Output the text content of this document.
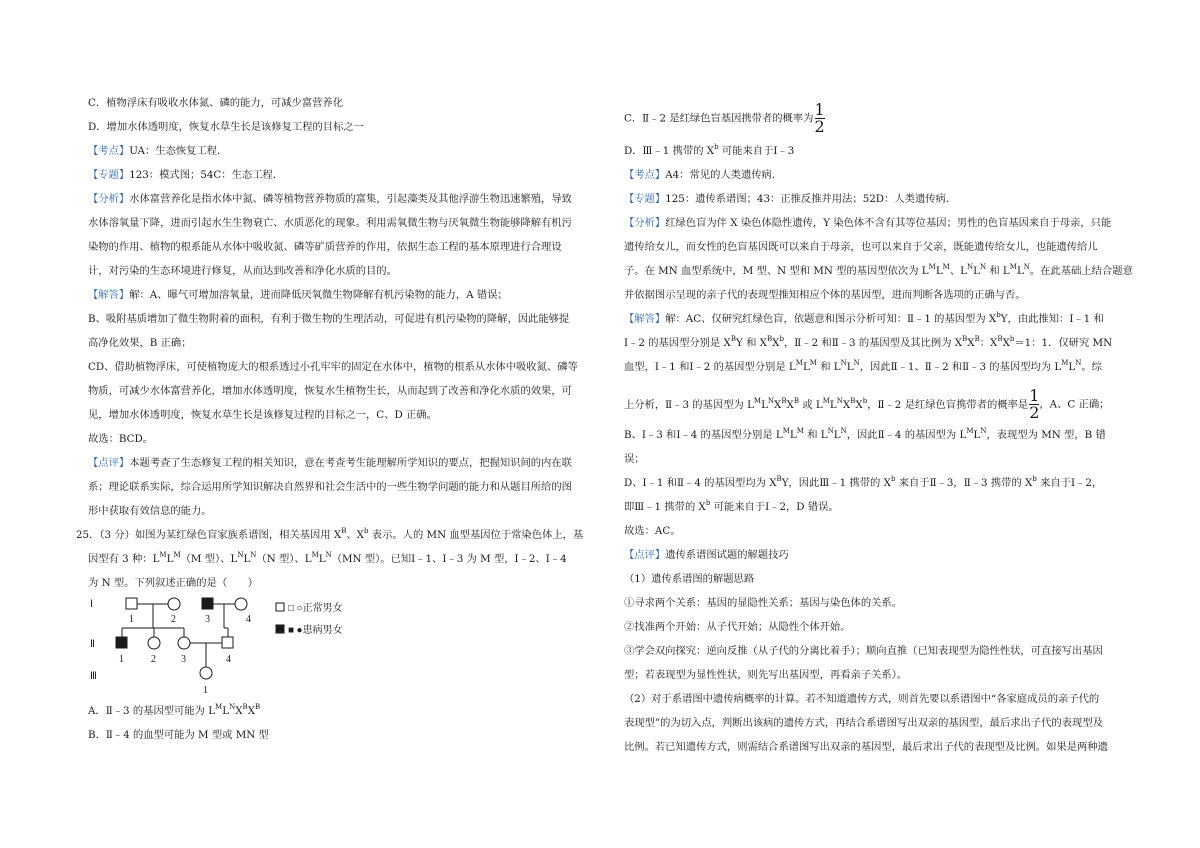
C．植物浮床有吸收水体氮、磷的能力，可减少富营养化
D．增加水体透明度，恢复水草生长是该修复工程的目标之一
【考点】UA：生态恢复工程．
【专题】123：模式图；54C：生态工程．
【分析】水体富营养化是指水体中氮、磷等植物营养物质的富集，引起藻类及其他浮游生物迅速繁殖，导致
水体溶氧量下降，进而引起水生生物衰亡、水质恶化的现象。利用需氧微生物与厌氧微生物能够降解有机污
染物的作用、植物的根系能从水体中吸收氮、磷等矿质营养的作用，依据生态工程的基本原理进行合理设
计，对污染的生态环境进行修复，从而达到改善和净化水质的目的。
【解答】解：A、曝气可增加溶氧量，进而降低厌氧微生物降解有机污染物的能力，A 错误；
B、吸附基质增加了微生物附着的面积，有利于微生物的生理活动，可促进有机污染物的降解，因此能够提
高净化效果，B 正确；
CD、借助植物浮床，可使植物庞大的根系透过小孔牢牢的固定在水体中，植物的根系从水体中吸收氮、磷等
物质，可减少水体富营养化，增加水体透明度，恢复水生植物生长，从而起到了改善和净化水质的效果，可
见，增加水体透明度，恢复水草生长是该修复过程的目标之一，C、D 正确。
故选：BCD。
【点评】本题考查了生态修复工程的相关知识，意在考查考生能理解所学知识的要点，把握知识间的内在联
系；理论联系实际，综合运用所学知识解决自然界和社会生活中的一些生物学问题的能力和从题目所给的图
形中获取有效信息的能力。
25．（3 分）如图为某红绿色盲家族系谱图，相关基因用 $X^B$、$X^b$ 表示。人的 MN 血型基因位于常染色体上，基
因型有 3 种：$L^ML^M(M$ 型）、$L^NL^N(N$ 型）、$L^ML^N(MN$ 型）。已知Ⅰ﹣1、Ⅰ﹣3 为 M 型，Ⅰ﹣2、Ⅰ﹣4
为 N 型。下列叙述正确的是（　　）
A．Ⅱ﹣3 的基因型可能为 $L^ML^NX^BX^B$
B．Ⅱ﹣4 的血型可能为 M 型或 MN 型
Ⅰ
Ⅱ
Ⅲ
1	2	3	4
1	2	3	4
1
□ ○正常男女
■ ●患病男女
C．Ⅱ﹣2 是红绿色盲基因携带者的概率为 $\frac{1}{2}$
D．Ⅲ﹣1 携带的 $X^b$ 可能来自于Ⅰ﹣3
【考点】A4：常见的人类遗传病．
【专题】125：遗传系谱图；43：正推反推并用法；52D：人类遗传病．
【分析】红绿色盲为伴 X 染色体隐性遗传，Y 染色体不含有其等位基因；男性的色盲基因来自于母亲，只能
遗传给女儿，而女性的色盲基因既可以来自于母亲，也可以来自于父亲，既能遗传给女儿，也能遗传给儿
子。在 MN 血型系统中，M 型、N 型和 MN 型的基因型依次为 $L^ML^M$、$L^NL^N$ 和 $L^ML^N$。在此基础上结合题意
并依据图示呈现的亲子代的表现型推知相应个体的基因型，进而判断各选项的正确与否。
【解答】解：AC、仅研究红绿色盲，依题意和图示分析可知：Ⅱ﹣1 的基因型为 $X^bY$，由此推知：Ⅰ﹣1 和
Ⅰ﹣2 的基因型分别是 $X^BY$ 和 $X^BX^b$，Ⅱ﹣2 和Ⅱ﹣3 的基因型及其比例为 $X^BX^B$：$X^BX^b=1$：1．仅研究 MN
血型，Ⅰ﹣1 和Ⅰ﹣2 的基因型分别是 $L^ML^M$ 和 $L^NL^N$，因此Ⅱ﹣1、Ⅱ﹣2 和Ⅱ﹣3 的基因型均为 $L^ML^N$。综
上分析，Ⅱ﹣3 的基因型为 $L^ML^NX^BX^B$ 或 $L^ML^NX^BX^b$，Ⅱ﹣2 是红绿色盲携带者的概率是 $\frac{1}{2}$ ，A、C 正确；
B、Ⅰ﹣3 和Ⅰ﹣4 的基因型分别是 $L^ML^M$ 和 $L^NL^N$，因此Ⅱ﹣4 的基因型为 $L^ML^N$，表现型为 MN 型，B 错
误；
D、Ⅰ﹣1 和Ⅱ﹣4 的基因型均为 $X^BY$，因此Ⅲ﹣1 携带的 $X^b$ 来自于Ⅱ﹣3，Ⅱ﹣3 携带的 $X^b$ 来自于Ⅰ﹣2，
即Ⅲ﹣1 携带的 $X^b$ 可能来自于Ⅰ﹣2，D 错误。
故选：AC。
【点评】遗传系谱图试题的解题技巧
（1）遗传系谱图的解题思路
①寻求两个关系：基因的显隐性关系；基因与染色体的关系。
②找准两个开始：从子代开始；从隐性个体开始。
③学会双向探究：逆向反推（从子代的分离比着手）；顺向直推（已知表现型为隐性性状，可直接写出基因
型；若表现型为显性性状，则先写出基因型，再看亲子关系）。
（2）对于系谱图中遗传病概率的计算。若不知道遗传方式，则首先要以系谱图中“各家庭成员的亲子代的
表现型”的为切入点，判断出该病的遗传方式，再结合系谱图写出双亲的基因型，最后求出子代的表现型及
比例。若已知遗传方式，则需结合系谱图写出双亲的基因型，最后求出子代的表现型及比例。如果是两种遗
